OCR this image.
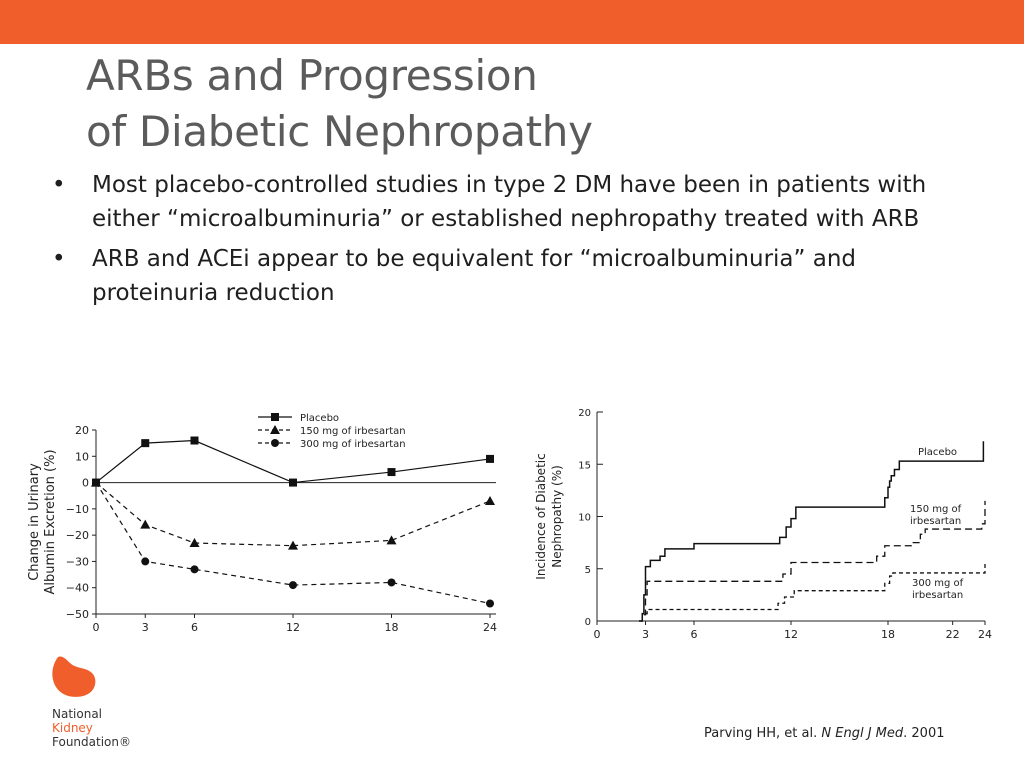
ARBs and Progression
of Diabetic Nephropathy
• Most placebo-controlled studies in type 2 DM have been in patients with either “microalbuminuria” or established nephropathy treated with ARB
• ARB and ACEi appear to be equivalent for “microalbuminuria” and proteinuria reduction
20
10
0
−10
−20
−30
−40
−50
0	3	6	12	18	24
Change in Urinary Albumin Excretion (%)
Placebo
150 mg of irbesartan
300 mg of irbesartan
0
5
10
15
20
0	3	6	12	18	22 24
Incidence of Diabetic Nephropathy (%)
Placebo
150 mg of
irbesartan
300 mg of
irbesartan
National
Kidney
Foundation®
Parving HH, et al. N Engl J Med. 2001
